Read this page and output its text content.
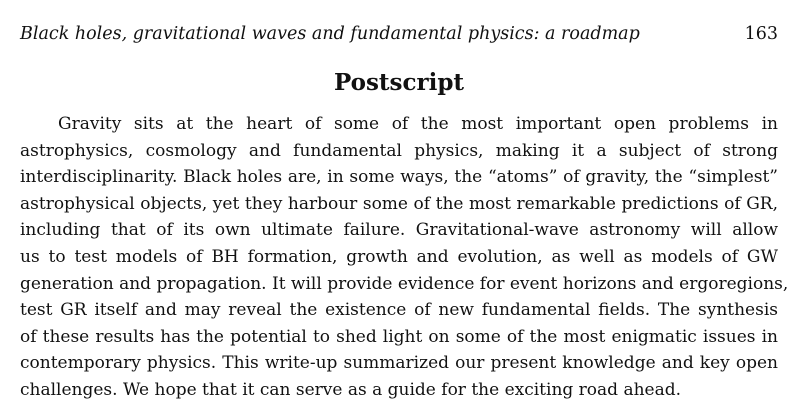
Black holes, gravitational waves and fundamental physics: a roadmap	163
Postscript
Gravity sits at the heart of some of the most important open problems in
astrophysics, cosmology and fundamental physics, making it a subject of strong
interdisciplinarity. Black holes are, in some ways, the “atoms” of gravity, the “simplest”
astrophysical objects, yet they harbour some of the most remarkable predictions of GR,
including that of its own ultimate failure. Gravitational-wave astronomy will allow
us to test models of BH formation, growth and evolution, as well as models of GW
generation and propagation. It will provide evidence for event horizons and ergoregions,
test GR itself and may reveal the existence of new fundamental fields. The synthesis
of these results has the potential to shed light on some of the most enigmatic issues in
contemporary physics. This write-up summarized our present knowledge and key open
challenges. We hope that it can serve as a guide for the exciting road ahead.
